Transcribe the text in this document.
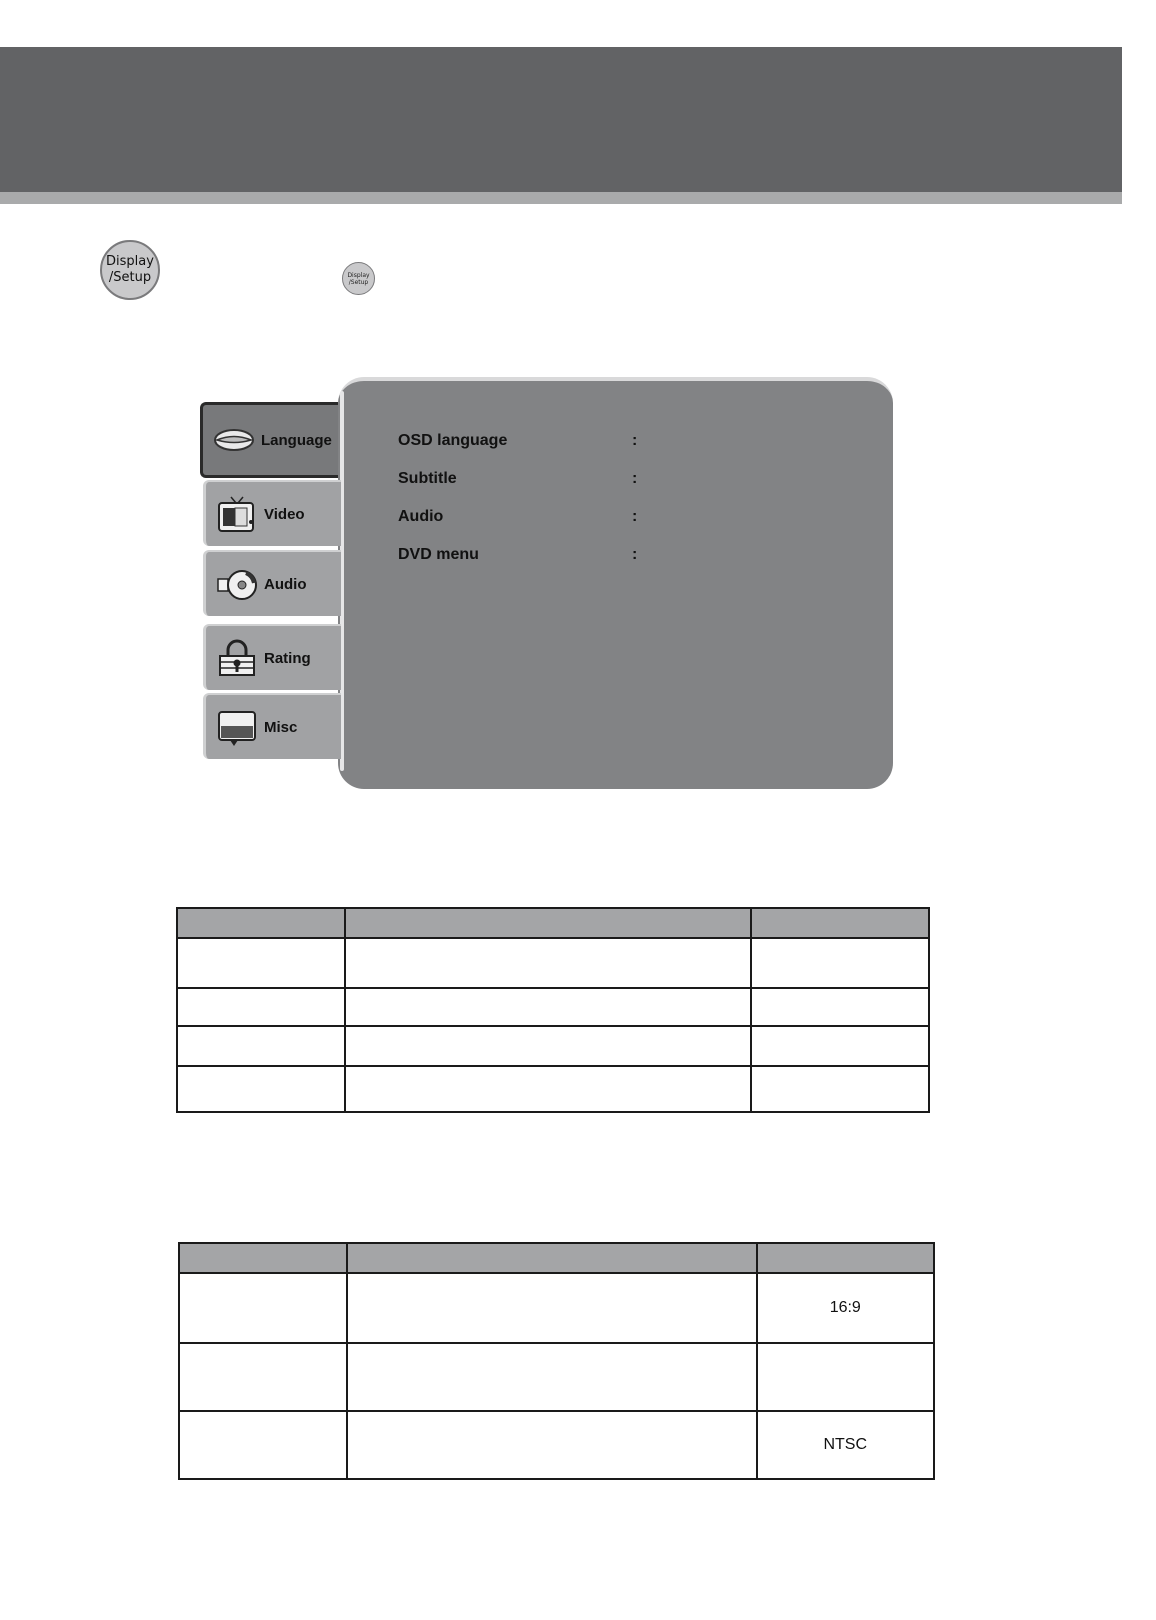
Display
/Setup	Display
/Setup
Language
Video
Audio
Rating
Misc
OSD language	:
Subtitle	:
Audio	:
DVD menu	:

		16:9

		NTSC
